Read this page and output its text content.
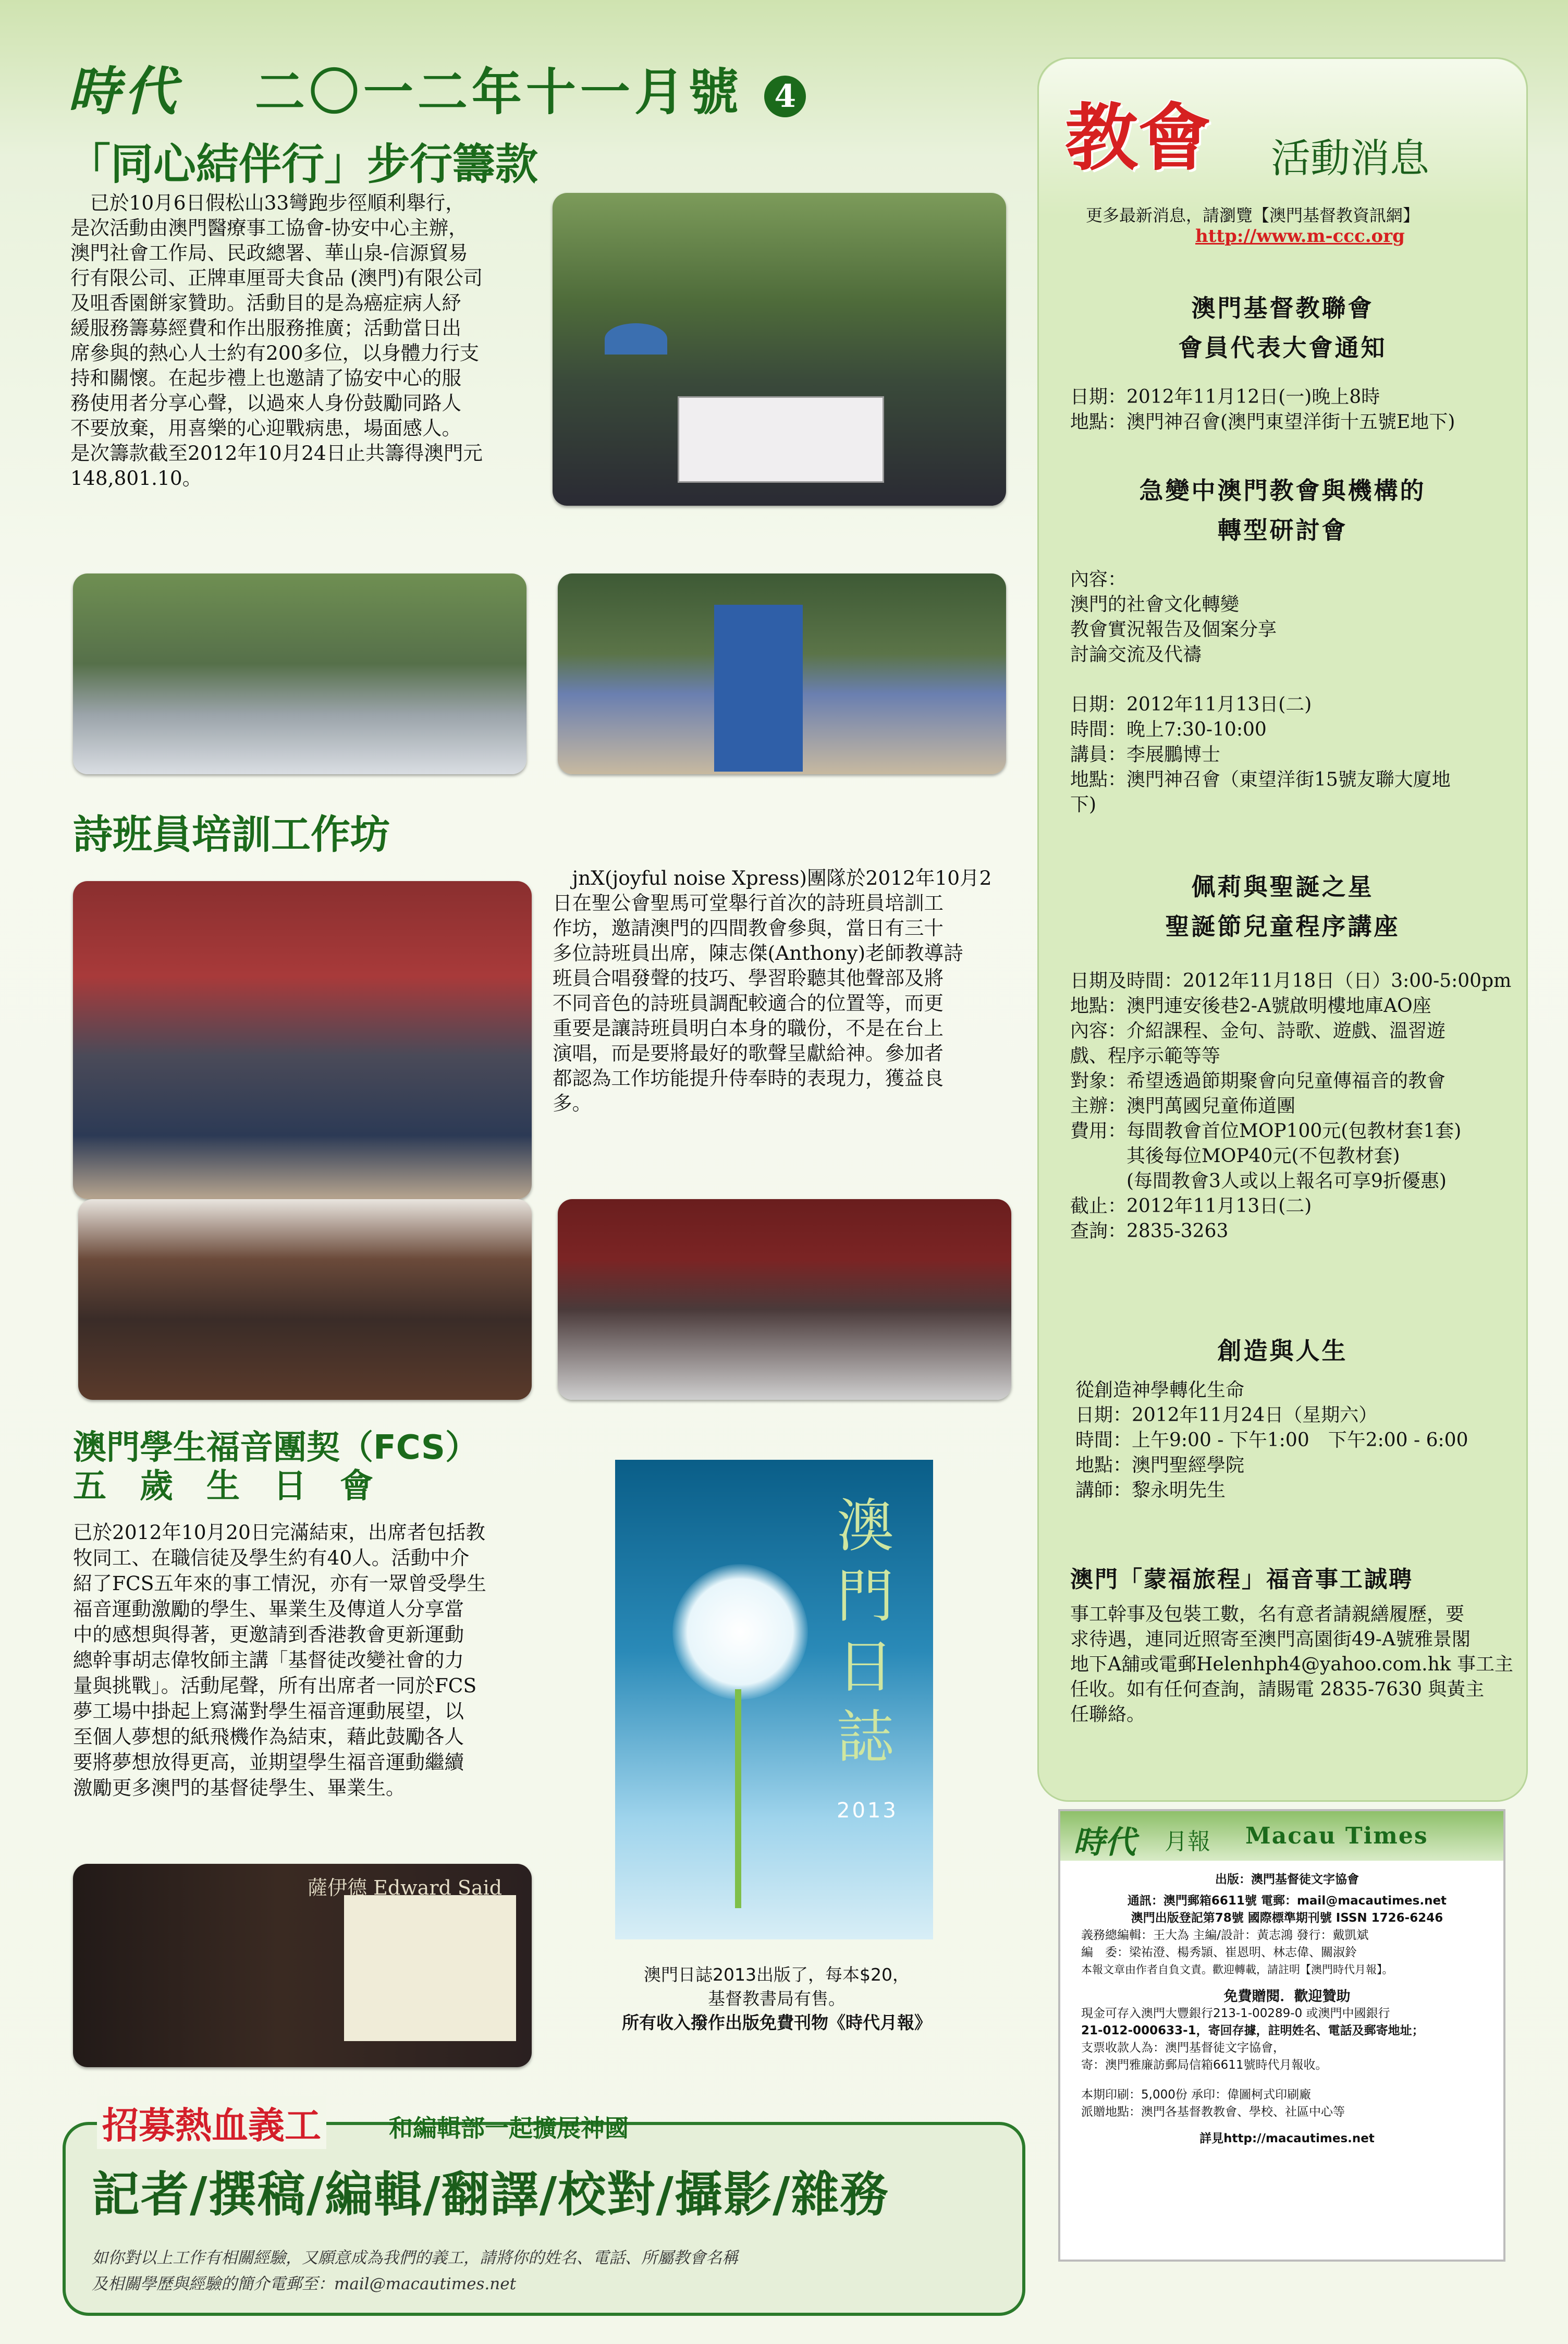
時代 二〇一二年十一月號 4
「同心結伴行」步行籌款
　已於10月6日假松山33彎跑步徑順利舉行，
是次活動由澳門醫療事工協會-协安中心主辦，
澳門社會工作局、民政總署、華山泉-信源貿易
行有限公司、正牌車厘哥夫食品 (澳門)有限公司
及咀香園餅家贊助。活動目的是為癌症病人紓
緩服務籌募經費和作出服務推廣；活動當日出
席參與的熱心人士約有200多位，以身體力行支
持和關懷。在起步禮上也邀請了協安中心的服
務使用者分享心聲，以過來人身份鼓勵同路人
不要放棄，用喜樂的心迎戰病患，場面感人。
是次籌款截至2012年10月24日止共籌得澳門元
148,801.10。
詩班員培訓工作坊
　jnX(joyful noise Xpress)團隊於2012年10月2
日在聖公會聖馬可堂舉行首次的詩班員培訓工
作坊，邀請澳門的四間教會參與，當日有三十
多位詩班員出席，陳志傑(Anthony)老師教導詩
班員合唱發聲的技巧、學習聆聽其他聲部及將
不同音色的詩班員調配較適合的位置等，而更
重要是讓詩班員明白本身的職份，不是在台上
演唱，而是要將最好的歌聲呈獻給神。參加者
都認為工作坊能提升侍奉時的表現力，獲益良
多。
澳門學生福音團契（FCS）
五　歲　生　日　會
已於2012年10月20日完滿結束，出席者包括教
牧同工、在職信徒及學生約有40人。活動中介
紹了FCS五年來的事工情況，亦有一眾曾受學生
福音運動激勵的學生、畢業生及傳道人分享當
中的感想與得著，更邀請到香港教會更新運動
總幹事胡志偉牧師主講「基督徒改變社會的力
量與挑戰」。活動尾聲，所有出席者一同於FCS
夢工場中掛起上寫滿對學生福音運動展望，以
至個人夢想的紙飛機作為結束，藉此鼓勵各人
要將夢想放得更高，並期望學生福音運動繼續
激勵更多澳門的基督徒學生、畢業生。
薩伊德 Edward Said
澳門日誌
2013
澳門日誌2013出版了，每本$20，
基督教書局有售。
所有收入撥作出版免費刊物《時代月報》
招募熱血義工	和編輯部一起擴展神國
記者/撰稿/編輯/翻譯/校對/攝影/雜務
如你對以上工作有相關經驗，又願意成為我們的義工，請將你的姓名、電話、所屬教會名稱
及相關學歷與經驗的簡介電郵至：mail@macautimes.net
教會 活動消息
更多最新消息，請瀏覽【澳門基督教資訊網】
http://www.m-ccc.org
澳門基督教聯會
會員代表大會通知
日期：2012年11月12日(一)晚上8時
地點：澳門神召會(澳門東望洋街十五號E地下)
急變中澳門教會與機構的
轉型研討會
內容：
澳門的社會文化轉變
教會實況報告及個案分享
討論交流及代禱
日期：2012年11月13日(二)
時間：晚上7:30-10:00
講員：李展鵬博士
地點：澳門神召會（東望洋街15號友聯大廈地
下)
佩莉與聖誕之星
聖誕節兒童程序講座
日期及時間：2012年11月18日（日）3:00-5:00pm
地點：澳門連安後巷2-A號啟明樓地庫AO座
內容：介紹課程、金句、詩歌、遊戲、溫習遊
戲、程序示範等等
對象：希望透過節期聚會向兒童傳福音的教會
主辦：澳門萬國兒童佈道團
費用：每間教會首位MOP100元(包教材套1套)
　　　其後每位MOP40元(不包教材套)
　　　(每間教會3人或以上報名可享9折優惠)
截止：2012年11月13日(二)
查詢：2835-3263
創造與人生
從創造神學轉化生命
日期：2012年11月24日（星期六）
時間：上午9:00 - 下午1:00　下午2:00 - 6:00
地點：澳門聖經學院
講師：黎永明先生
澳門「蒙福旅程」福音事工誠聘
事工幹事及包裝工數，名有意者請親繕履歷，要
求待遇，連同近照寄至澳門高園街49-A號雅景閣
地下A舖或電郵Helenhph4@yahoo.com.hk 事工主
任收。如有任何查詢，請賜電 2835-7630 與黃主
任聯絡。
時代 月報 Macau Times
出版：澳門基督徒文字協會
通訊：澳門郵箱6611號 電郵：mail@macautimes.net
澳門出版登記第78號 國際標準期刊號 ISSN 1726-6246
義務總編輯：王大為 主編/設計：黃志鴻 發行：戴凱斌
編　委：梁祐澄、楊秀頴、崔恩明、林志偉、關淑鈴
本報文章由作者自負文責。歡迎轉載，請註明【澳門時代月報】。
免費贈閱．歡迎贊助
現金可存入澳門大豐銀行213-1-00289-0 或澳門中國銀行
21-012-000633-1，寄回存據，註明姓名、電話及郵寄地址；
支票收款人為：澳門基督徒文字協會，
寄：澳門雅廉訪郵局信箱6611號時代月報收。
本期印刷：5,000份 承印：偉圖柯式印刷廠
派贈地點：澳門各基督教教會、學校、社區中心等
詳見http://macautimes.net
